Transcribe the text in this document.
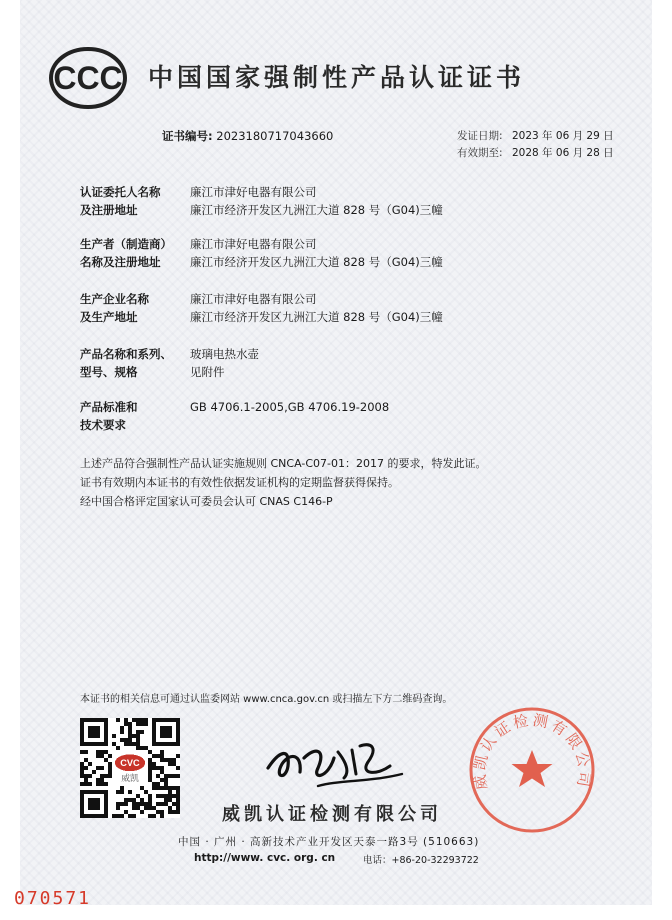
CCC 中国国家强制性产品认证证书
证书编号: 2023180717043660	发证日期: 2023 年 06 月 29 日
有效期至: 2028 年 06 月 28 日
认证委托人名称
及注册地址
廉江市津好电器有限公司
廉江市经济开发区九洲江大道 828 号（G04)三幢
生产者（制造商）
名称及注册地址
廉江市津好电器有限公司
廉江市经济开发区九洲江大道 828 号（G04)三幢
生产企业名称
及生产地址
廉江市津好电器有限公司
廉江市经济开发区九洲江大道 828 号（G04)三幢
产品名称和系列、
型号、规格
玻璃电热水壶
见附件
产品标准和
技术要求
GB 4706.1-2005,GB 4706.19-2008
上述产品符合强制性产品认证实施规则 CNCA-C07-01：2017 的要求，特发此证。
证书有效期内本证书的有效性依据发证机构的定期监督获得保持。
经中国合格评定国家认可委员会认可 CNAS C146-P
本证书的相关信息可通过认监委网站 www.cnca.gov.cn 或扫描左下方二维码查询。
CVC
威凯
威凯认证检测有限公司
中国 · 广州 · 高新技术产业开发区天泰一路3号 (510663)
http://www. cvc. org. cn	电话：+86-20-32293722
威凯认证检测有限公司
070571
